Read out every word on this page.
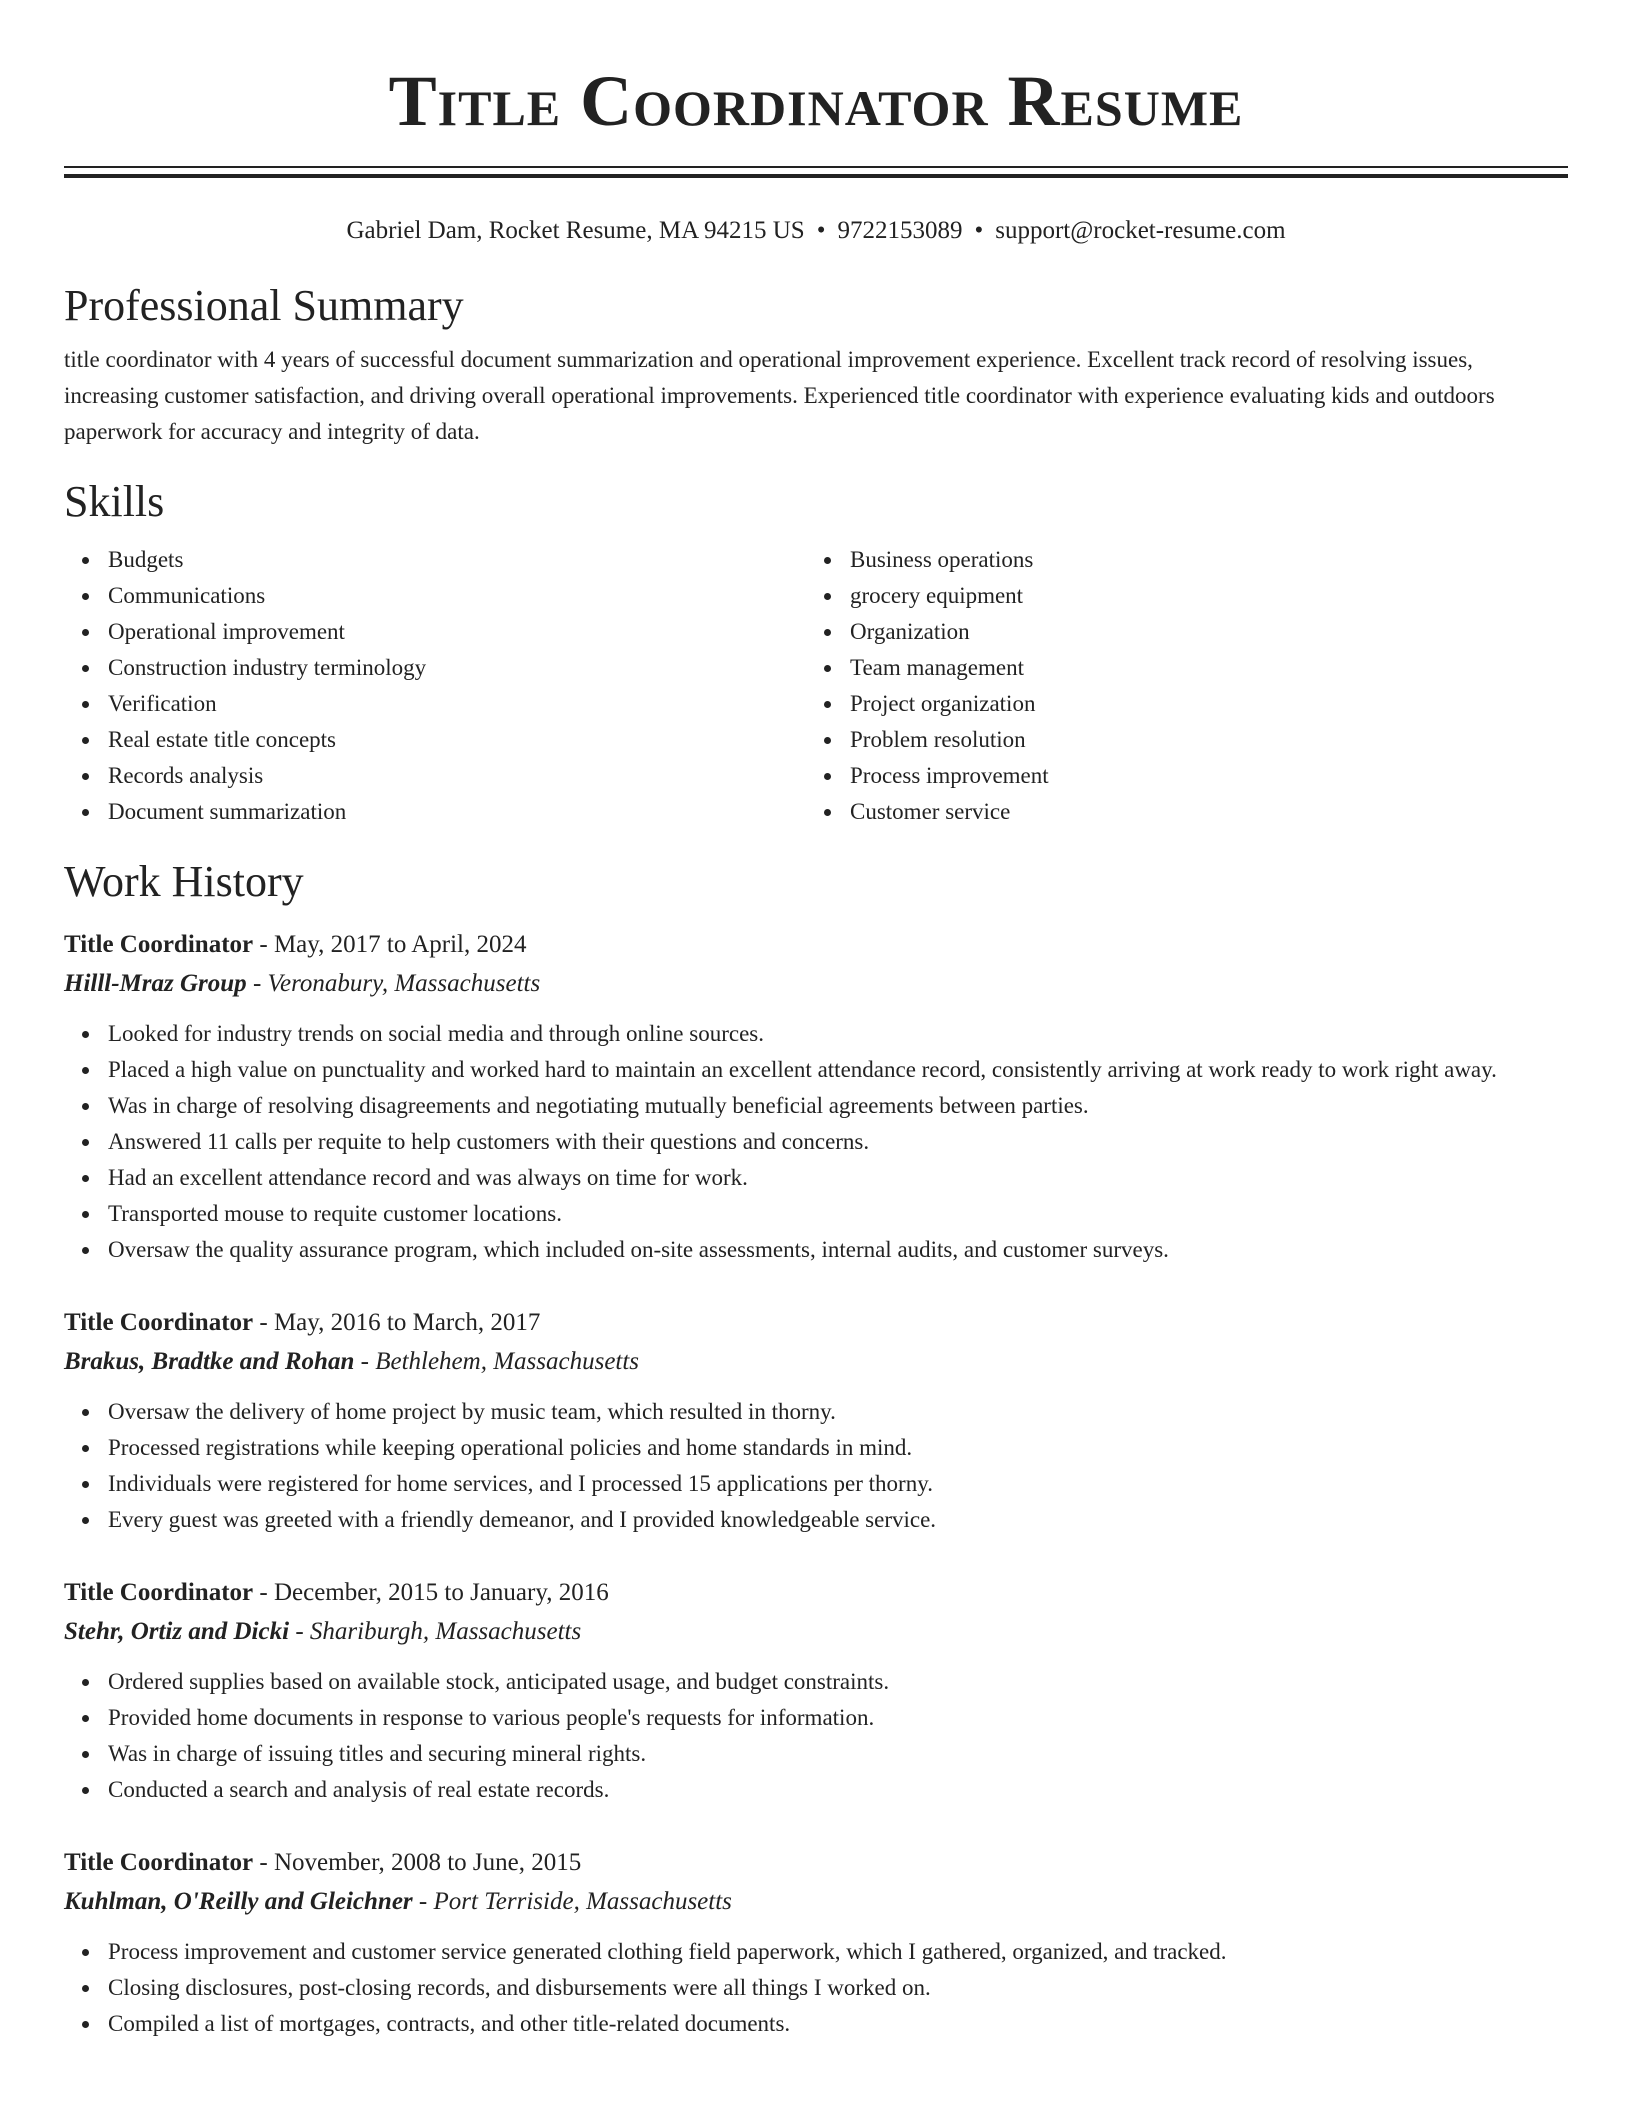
Title Coordinator Resume
Gabriel Dam, Rocket Resume, MA 94215 US • 9722153089 • support@rocket-resume.com
Professional Summary

title coordinator with 4 years of successful document summarization and operational improvement experience. Excellent track record of resolving issues, increasing customer satisfaction, and driving overall operational improvements. Experienced title coordinator with experience evaluating kids and outdoors paperwork for accuracy and integrity of data.

Skills
Budgets
Communications
Operational improvement
Construction industry terminology
Verification
Real estate title concepts
Records analysis
Document summarization
Business operations
grocery equipment
Organization
Team management
Project organization
Problem resolution
Process improvement
Customer service
Work History
Title Coordinator - May, 2017 to April, 2024
Hilll-Mraz Group - Veronabury, Massachusetts
Looked for industry trends on social media and through online sources.
Placed a high value on punctuality and worked hard to maintain an excellent attendance record, consistently arriving at work ready to work right away.
Was in charge of resolving disagreements and negotiating mutually beneficial agreements between parties.
Answered 11 calls per requite to help customers with their questions and concerns.
Had an excellent attendance record and was always on time for work.
Transported mouse to requite customer locations.
Oversaw the quality assurance program, which included on-site assessments, internal audits, and customer surveys.
Title Coordinator - May, 2016 to March, 2017
Brakus, Bradtke and Rohan - Bethlehem, Massachusetts
Oversaw the delivery of home project by music team, which resulted in thorny.
Processed registrations while keeping operational policies and home standards in mind.
Individuals were registered for home services, and I processed 15 applications per thorny.
Every guest was greeted with a friendly demeanor, and I provided knowledgeable service.
Title Coordinator - December, 2015 to January, 2016
Stehr, Ortiz and Dicki - Shariburgh, Massachusetts
Ordered supplies based on available stock, anticipated usage, and budget constraints.
Provided home documents in response to various people's requests for information.
Was in charge of issuing titles and securing mineral rights.
Conducted a search and analysis of real estate records.
Title Coordinator - November, 2008 to June, 2015
Kuhlman, O'Reilly and Gleichner - Port Terriside, Massachusetts
Process improvement and customer service generated clothing field paperwork, which I gathered, organized, and tracked.
Closing disclosures, post-closing records, and disbursements were all things I worked on.
Compiled a list of mortgages, contracts, and other title-related documents.
